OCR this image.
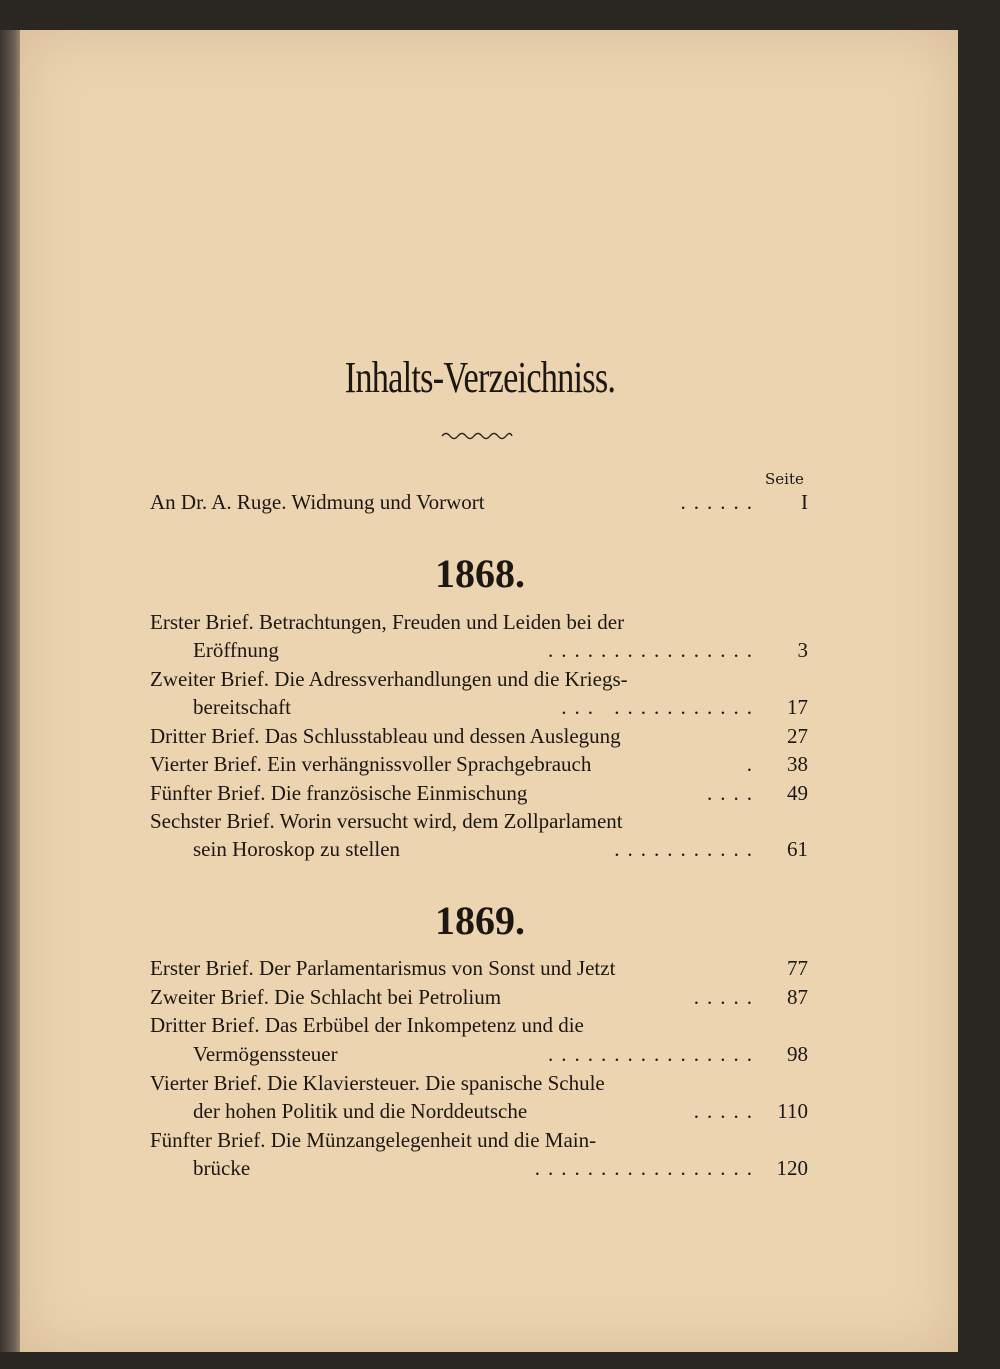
Inhalts-Verzeichniss.
Seite
An Dr. A. Ruge. Widmung und Vorwort	...... I
1868.
Erster Brief. Betrachtungen, Freuden und Leiden bei der
Eröffnung	................ 3
Zweiter Brief. Die Adressverhandlungen und die Kriegs-
bereitschaft	... ........... 17
Dritter Brief. Das Schlusstableau und dessen Auslegung	27
Vierter Brief. Ein verhängnissvoller Sprachgebrauch	. 38
Fünfter Brief. Die französische Einmischung	.... 49
Sechster Brief. Worin versucht wird, dem Zollparlament
sein Horoskop zu stellen	........... 61
1869.
Erster Brief. Der Parlamentarismus von Sonst und Jetzt	77
Zweiter Brief. Die Schlacht bei Petrolium	..... 87
Dritter Brief. Das Erbübel der Inkompetenz und die
Vermögenssteuer	................ 98
Vierter Brief. Die Klaviersteuer. Die spanische Schule
der hohen Politik und die Norddeutsche	..... 110
Fünfter Brief. Die Münzangelegenheit und die Main-
brücke	................. 120
